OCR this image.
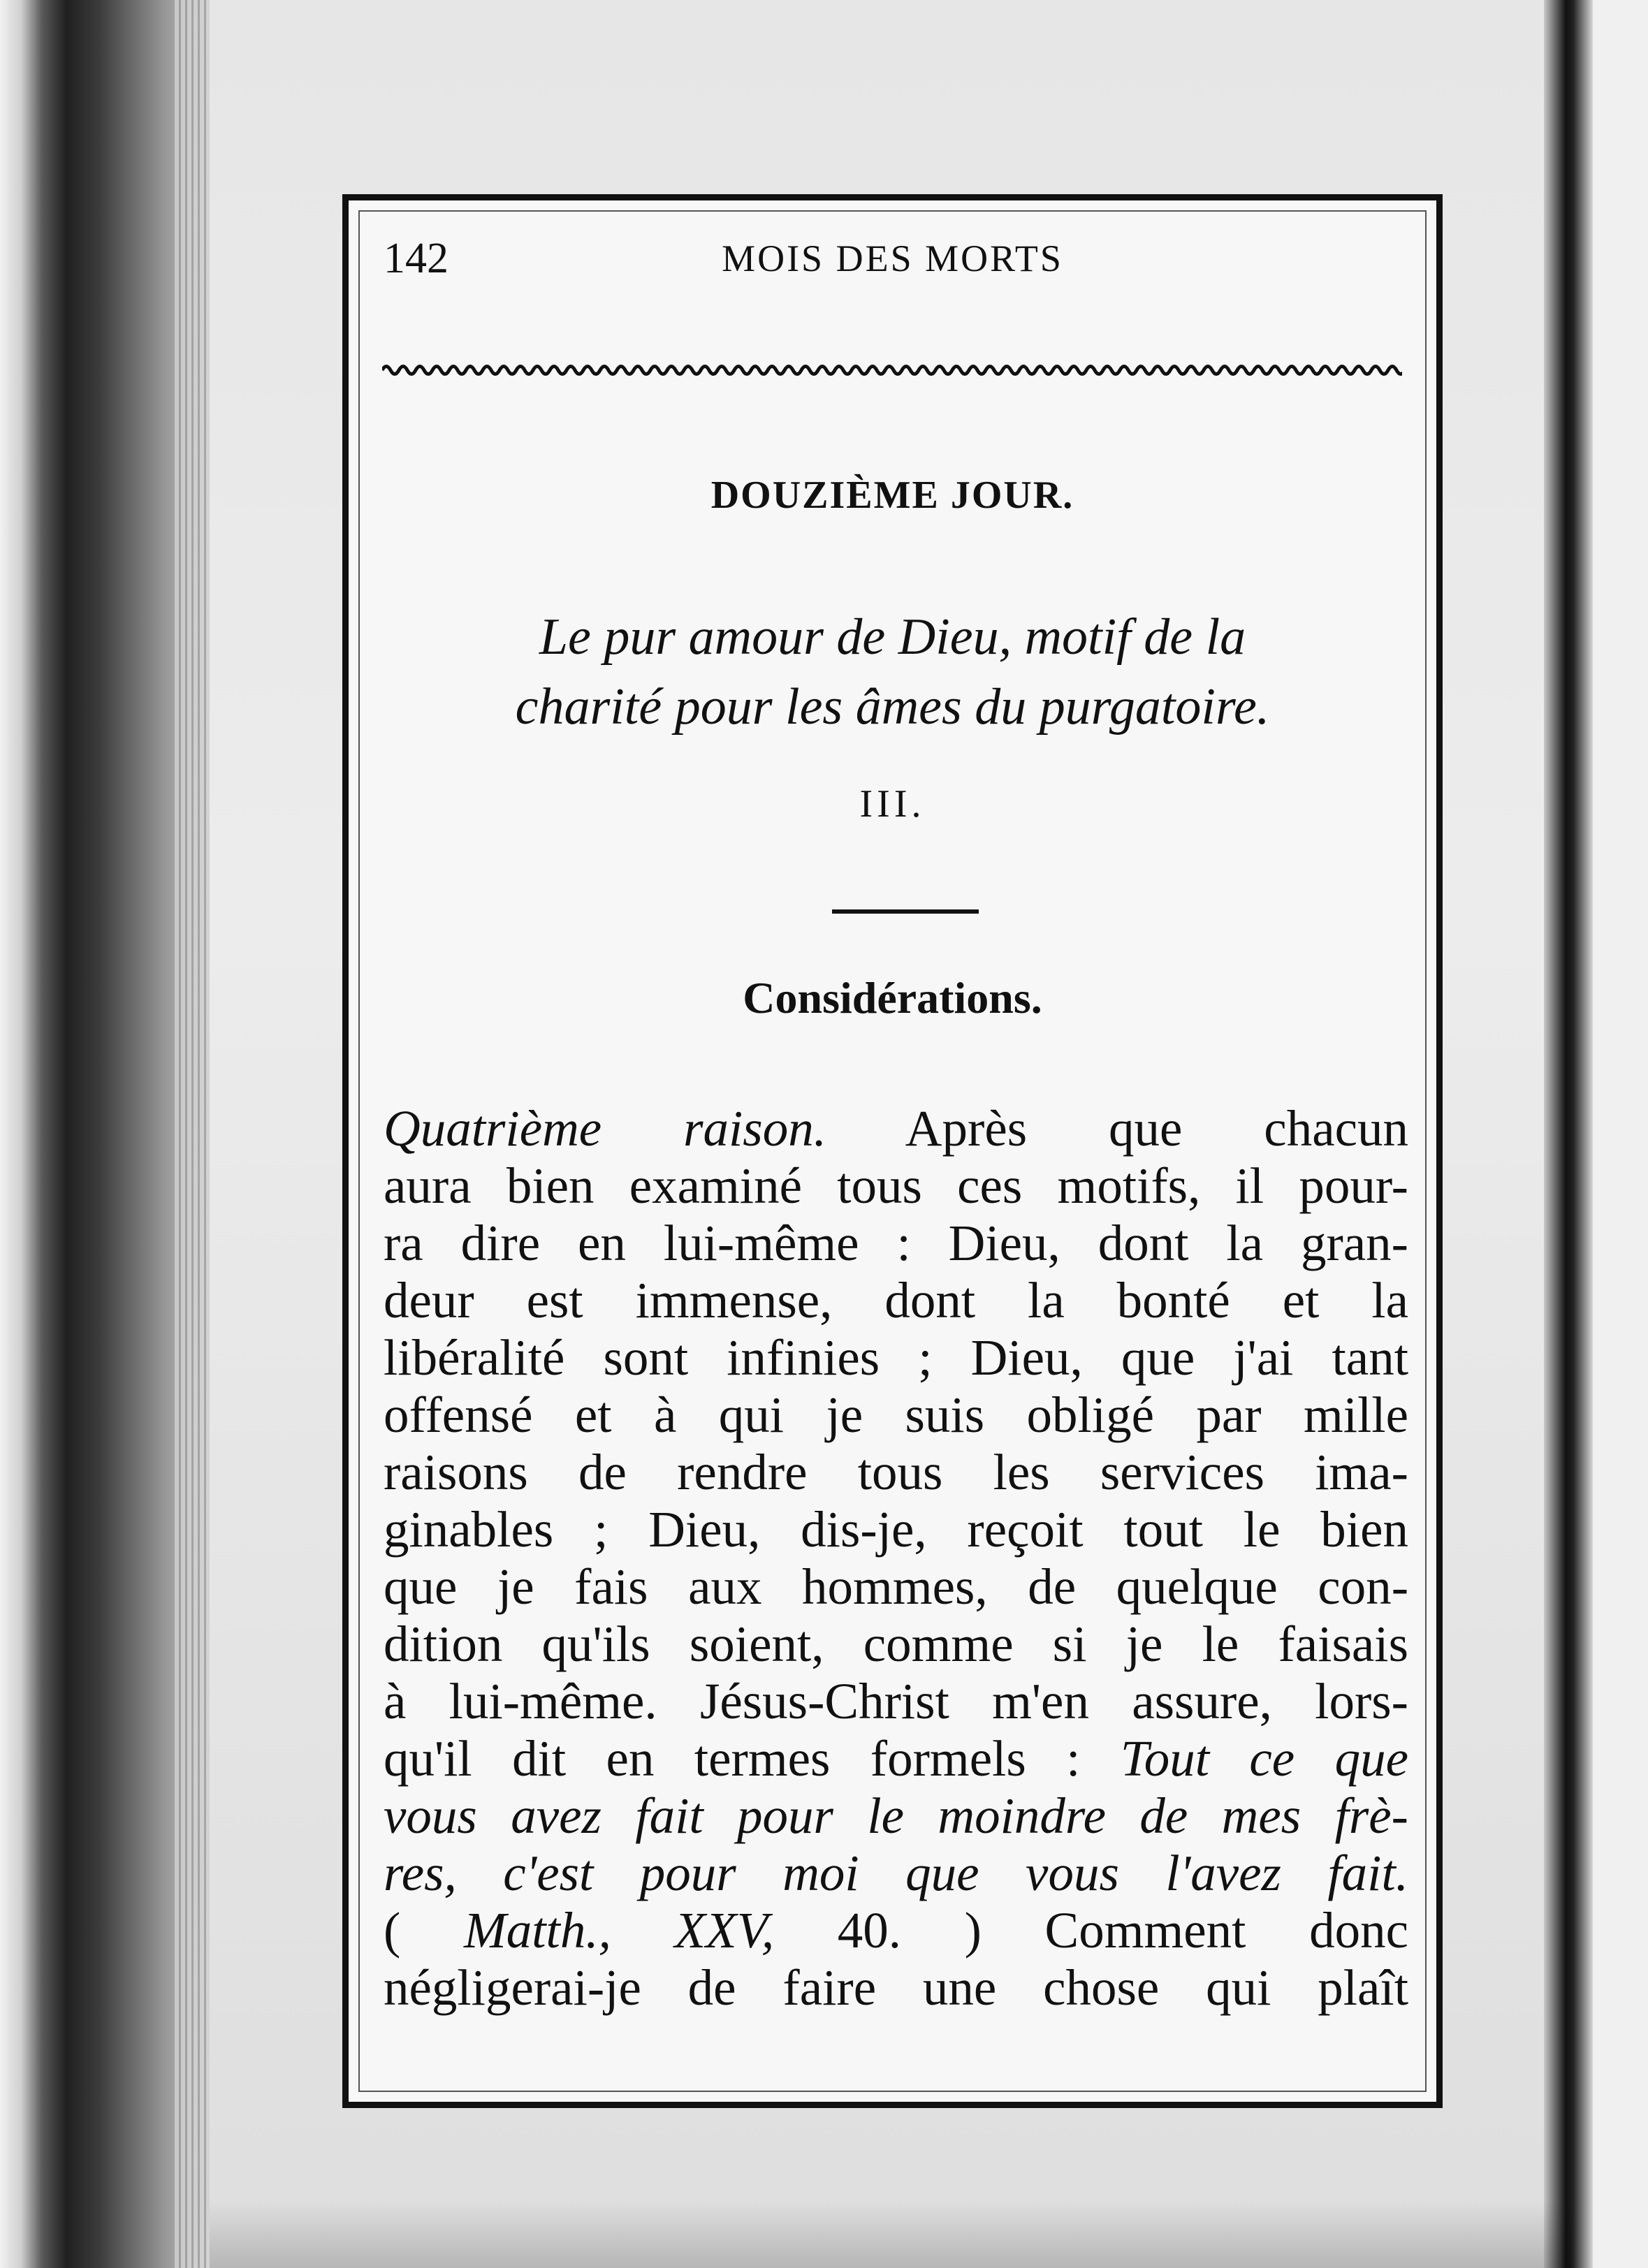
142	MOIS DES MORTS
DOUZIÈME JOUR.
Le pur amour de Dieu, motif de la
charité pour les âmes du purgatoire.
III.
Considérations.
Quatrième raison. Après que chacun
aura bien examiné tous ces motifs, il pour-
ra dire en lui-même : Dieu, dont la gran-
deur est immense, dont la bonté et la
libéralité sont infinies ; Dieu, que j'ai tant
offensé et à qui je suis obligé par mille
raisons de rendre tous les services ima-
ginables ; Dieu, dis-je, reçoit tout le bien
que je fais aux hommes, de quelque con-
dition qu'ils soient, comme si je le faisais
à lui-même. Jésus-Christ m'en assure, lors-
qu'il dit en termes formels : Tout ce que
vous avez fait pour le moindre de mes frè-
res, c'est pour moi que vous l'avez fait.
( Matth., XXV, 40. ) Comment donc
négligerai-je de faire une chose qui plaît
